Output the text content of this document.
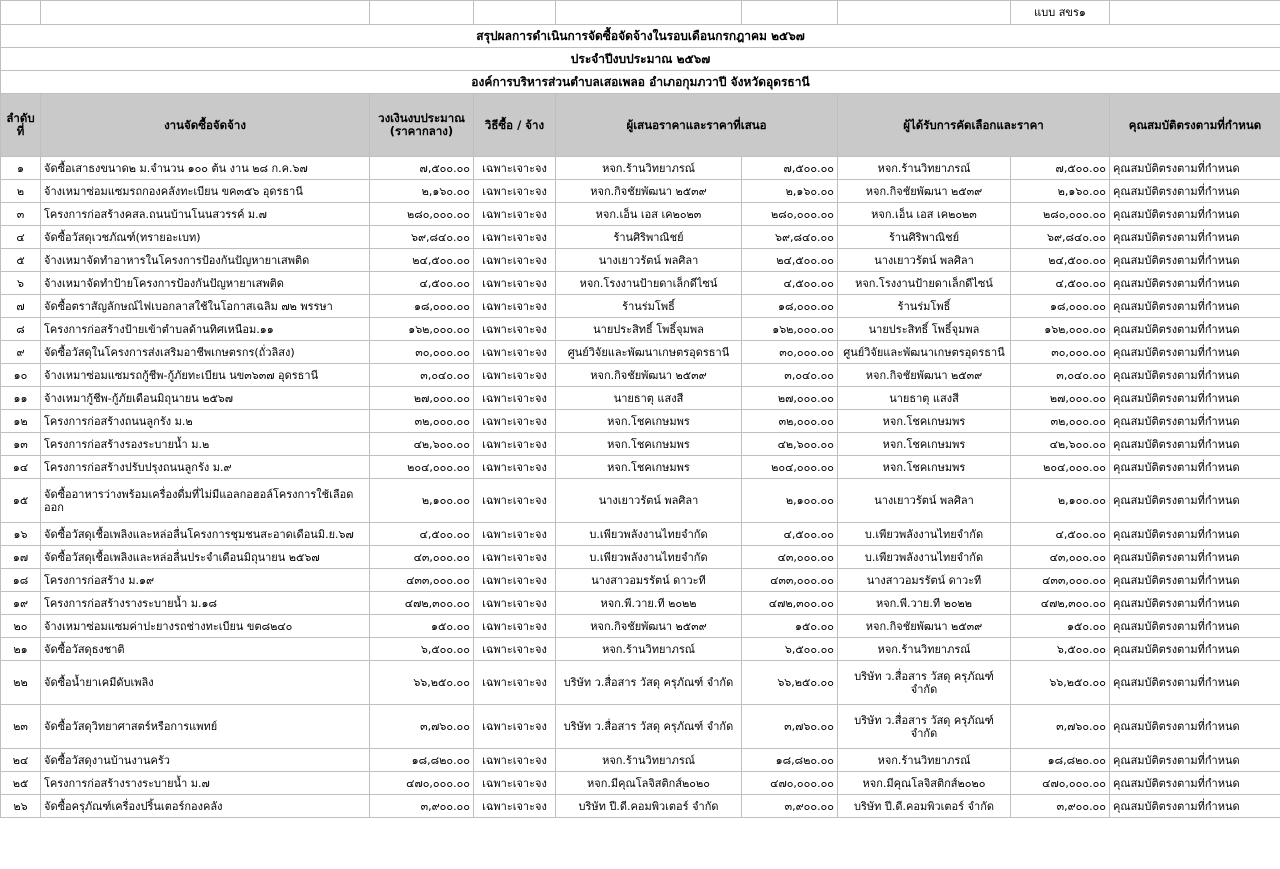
							แบบ สขร๑	
สรุปผลการดำเนินการจัดซื้อจัดจ้างในรอบเดือนกรกฎาคม ๒๕๖๗								
ประจำปีงบประมาณ ๒๕๖๗								
องค์การบริหารส่วนตำบลเสอเพลอ อำเภอกุมภวาปี จังหวัดอุดรธานี								
ลำดับที่	งานจัดซื้อจัดจ้าง	วงเงินงบประมาณ (ราคากลาง)	วิธีซื้อ / จ้าง	ผู้เสนอราคาและราคาที่เสนอ		ผู้ได้รับการคัดเลือกและราคา		คุณสมบัติตรงตามที่กำหนด
๑	จัดซื้อเสาธงขนาด๒ ม.จำนวน ๑๐๐ ต้น งาน ๒๘ ก.ค.๖๗	๗,๕๐๐.๐๐	เฉพาะเจาะจง	หจก.ร้านวิทยาภรณ์	๗,๕๐๐.๐๐	หจก.ร้านวิทยาภรณ์	๗,๕๐๐.๐๐	คุณสมบัติตรงตามที่กำหนด
๒	จ้างเหมาซ่อมแซมรถกองคลังทะเบียน ขค๓๕๖ อุดรธานี	๒,๑๖๐.๐๐	เฉพาะเจาะจง	หจก.กิจชัยพัฒนา ๒๕๓๙	๒,๑๖๐.๐๐	หจก.กิจชัยพัฒนา ๒๕๓๙	๒,๑๖๐.๐๐	คุณสมบัติตรงตามที่กำหนด
๓	โครงการก่อสร้างคสล.ถนนบ้านโนนสวรรค์ ม.๗	๒๘๐,๐๐๐.๐๐	เฉพาะเจาะจง	หจก.เอ็น เอส เค๒๐๒๓	๒๘๐,๐๐๐.๐๐	หจก.เอ็น เอส เค๒๐๒๓	๒๘๐,๐๐๐.๐๐	คุณสมบัติตรงตามที่กำหนด
๔	จัดซื้อวัสดุเวชภัณฑ์(ทรายอะเบท)	๖๙,๘๔๐.๐๐	เฉพาะเจาะจง	ร้านศิริพาณิชย์	๖๙,๘๔๐.๐๐	ร้านศิริพาณิชย์	๖๙,๘๔๐.๐๐	คุณสมบัติตรงตามที่กำหนด
๕	จ้างเหมาจัดทำอาหารในโครงการป้องกันปัญหายาเสพติด	๒๔,๕๐๐.๐๐	เฉพาะเจาะจง	นางเยาวรัตน์ พลศิลา	๒๔,๕๐๐.๐๐	นางเยาวรัตน์ พลศิลา	๒๔,๕๐๐.๐๐	คุณสมบัติตรงตามที่กำหนด
๖	จ้างเหมาจัดทำป้ายโครงการป้องกันปัญหายาเสพติด	๔,๕๐๐.๐๐	เฉพาะเจาะจง	หจก.โรงงานป้ายดาเล็กดีไซน์	๔,๕๐๐.๐๐	หจก.โรงงานป้ายดาเล็กดีไซน์	๔,๕๐๐.๐๐	คุณสมบัติตรงตามที่กำหนด
๗	จัดซื้อตราสัญลักษณ์ไฟเบอกลาสใช้ในโอกาสเฉลิม ๗๒ พรรษา	๑๘,๐๐๐.๐๐	เฉพาะเจาะจง	ร้านร่มโพธิ์	๑๘,๐๐๐.๐๐	ร้านร่มโพธิ์	๑๘,๐๐๐.๐๐	คุณสมบัติตรงตามที่กำหนด
๘	โครงการก่อสร้างป้ายเข้าตำบลด้านทิศเหนือม.๑๑	๑๖๒,๐๐๐.๐๐	เฉพาะเจาะจง	นายประสิทธิ์ โพธิ์จุมพล	๑๖๒,๐๐๐.๐๐	นายประสิทธิ์ โพธิ์จุมพล	๑๖๒,๐๐๐.๐๐	คุณสมบัติตรงตามที่กำหนด
๙	จัดซื้อวัสดุในโครงการส่งเสริมอาชีพเกษตรกร(ถั่วลิสง)	๓๐,๐๐๐.๐๐	เฉพาะเจาะจง	ศูนย์วิจัยและพัฒนาเกษตรอุดรธานี	๓๐,๐๐๐.๐๐	ศูนย์วิจัยและพัฒนาเกษตรอุดรธานี	๓๐,๐๐๐.๐๐	คุณสมบัติตรงตามที่กำหนด
๑๐	จ้างเหมาซ่อมแซมรถกู้ชีพ-กู้ภัยทะเบียน นข๓๖๓๗ อุดรธานี	๓,๐๔๐.๐๐	เฉพาะเจาะจง	หจก.กิจชัยพัฒนา ๒๕๓๙	๓,๐๔๐.๐๐	หจก.กิจชัยพัฒนา ๒๕๓๙	๓,๐๔๐.๐๐	คุณสมบัติตรงตามที่กำหนด
๑๑	จ้างเหมากู้ชีพ-กู้ภัยเดือนมิถุนายน ๒๕๖๗	๒๗,๐๐๐.๐๐	เฉพาะเจาะจง	นายธาตุ แสงสี	๒๗,๐๐๐.๐๐	นายธาตุ แสงสี	๒๗,๐๐๐.๐๐	คุณสมบัติตรงตามที่กำหนด
๑๒	โครงการก่อสร้างถนนลูกรัง ม.๒	๓๒,๐๐๐.๐๐	เฉพาะเจาะจง	หจก.โชคเกษมพร	๓๒,๐๐๐.๐๐	หจก.โชคเกษมพร	๓๒,๐๐๐.๐๐	คุณสมบัติตรงตามที่กำหนด
๑๓	โครงการก่อสร้างรองระบายน้ำ ม.๒	๔๒,๖๐๐.๐๐	เฉพาะเจาะจง	หจก.โชคเกษมพร	๔๒,๖๐๐.๐๐	หจก.โชคเกษมพร	๔๒,๖๐๐.๐๐	คุณสมบัติตรงตามที่กำหนด
๑๔	โครงการก่อสร้างปรับปรุงถนนลูกรัง ม.๙	๒๐๔,๐๐๐.๐๐	เฉพาะเจาะจง	หจก.โชคเกษมพร	๒๐๔,๐๐๐.๐๐	หจก.โชคเกษมพร	๒๐๔,๐๐๐.๐๐	คุณสมบัติตรงตามที่กำหนด
๑๕	จัดซื้ออาหารว่างพร้อมเครื่องดื่มที่ไม่มีแอลกอฮอล์โครงการใช้เลือดออก	๒,๑๐๐.๐๐	เฉพาะเจาะจง	นางเยาวรัตน์ พลศิลา	๒,๑๐๐.๐๐	นางเยาวรัตน์ พลศิลา	๒,๑๐๐.๐๐	คุณสมบัติตรงตามที่กำหนด
๑๖	จัดซื้อวัสดุเชื้อเพลิงและหล่อลื่นโครงการชุมชนสะอาดเดือนมิ.ย.๖๗	๔,๕๐๐.๐๐	เฉพาะเจาะจง	บ.เพียวพลังงานไทยจำกัด	๔,๕๐๐.๐๐	บ.เพียวพลังงานไทยจำกัด	๔,๕๐๐.๐๐	คุณสมบัติตรงตามที่กำหนด
๑๗	จัดซื้อวัสดุเชื้อเพลิงและหล่อลื่นประจำเดือนมิถุนายน ๒๕๖๗	๔๓,๐๐๐.๐๐	เฉพาะเจาะจง	บ.เพียวพลังงานไทยจำกัด	๔๓,๐๐๐.๐๐	บ.เพียวพลังงานไทยจำกัด	๔๓,๐๐๐.๐๐	คุณสมบัติตรงตามที่กำหนด
๑๘	โครงการก่อสร้าง ม.๑๙	๔๓๓,๐๐๐.๐๐	เฉพาะเจาะจง	นางสาวอมรรัตน์ ดาวะที	๔๓๓,๐๐๐.๐๐	นางสาวอมรรัตน์ ดาวะที	๔๓๓,๐๐๐.๐๐	คุณสมบัติตรงตามที่กำหนด
๑๙	โครงการก่อสร้างรางระบายน้ำ ม.๑๘	๔๗๒,๓๐๐.๐๐	เฉพาะเจาะจง	หจก.พี.วาย.ที ๒๐๒๒	๔๗๒,๓๐๐.๐๐	หจก.พี.วาย.ที ๒๐๒๒	๔๗๒,๓๐๐.๐๐	คุณสมบัติตรงตามที่กำหนด
๒๐	จ้างเหมาซ่อมแซมค่าปะยางรถช่างทะเบียน ขต๘๒๔๐	๑๕๐.๐๐	เฉพาะเจาะจง	หจก.กิจชัยพัฒนา ๒๕๓๙	๑๕๐.๐๐	หจก.กิจชัยพัฒนา ๒๕๓๙	๑๕๐.๐๐	คุณสมบัติตรงตามที่กำหนด
๒๑	จัดซื้อวัสดุธงชาติ	๖,๕๐๐.๐๐	เฉพาะเจาะจง	หจก.ร้านวิทยาภรณ์	๖,๕๐๐.๐๐	หจก.ร้านวิทยาภรณ์	๖,๕๐๐.๐๐	คุณสมบัติตรงตามที่กำหนด
๒๒	จัดซื้อน้ำยาเคมีดับเพลิง	๖๖,๒๕๐.๐๐	เฉพาะเจาะจง	บริษัท ว.สื่อสาร วัสดุ ครุภัณฑ์ จำกัด	๖๖,๒๕๐.๐๐	บริษัท ว.สื่อสาร วัสดุ ครุภัณฑ์ จำกัด	๖๖,๒๕๐.๐๐	คุณสมบัติตรงตามที่กำหนด
๒๓	จัดซื้อวัสดุวิทยาศาสตร์หรือการแพทย์	๓,๗๖๐.๐๐	เฉพาะเจาะจง	บริษัท ว.สื่อสาร วัสดุ ครุภัณฑ์ จำกัด	๓,๗๖๐.๐๐	บริษัท ว.สื่อสาร วัสดุ ครุภัณฑ์ จำกัด	๓,๗๖๐.๐๐	คุณสมบัติตรงตามที่กำหนด
๒๔	จัดซื้อวัสดุงานบ้านงานครัว	๑๘,๘๒๐.๐๐	เฉพาะเจาะจง	หจก.ร้านวิทยาภรณ์	๑๘,๘๒๐.๐๐	หจก.ร้านวิทยาภรณ์	๑๘,๘๒๐.๐๐	คุณสมบัติตรงตามที่กำหนด
๒๕	โครงการก่อสร้างรางระบายน้ำ ม.๗	๔๗๐,๐๐๐.๐๐	เฉพาะเจาะจง	หจก.มีคุณโลจิสติกส์๒๐๒๐	๔๗๐,๐๐๐.๐๐	หจก.มีคุณโลจิสติกส์๒๐๒๐	๔๗๐,๐๐๐.๐๐	คุณสมบัติตรงตามที่กำหนด
๒๖	จัดซื้อครุภัณฑ์เครื่องปริ้นเตอร์กองคลัง	๓,๙๐๐.๐๐	เฉพาะเจาะจง	บริษัท ปี.ดี.คอมพิวเตอร์ จำกัด	๓,๙๐๐.๐๐	บริษัท ปี.ดี.คอมพิวเตอร์ จำกัด	๓,๙๐๐.๐๐	คุณสมบัติตรงตามที่กำหนด
